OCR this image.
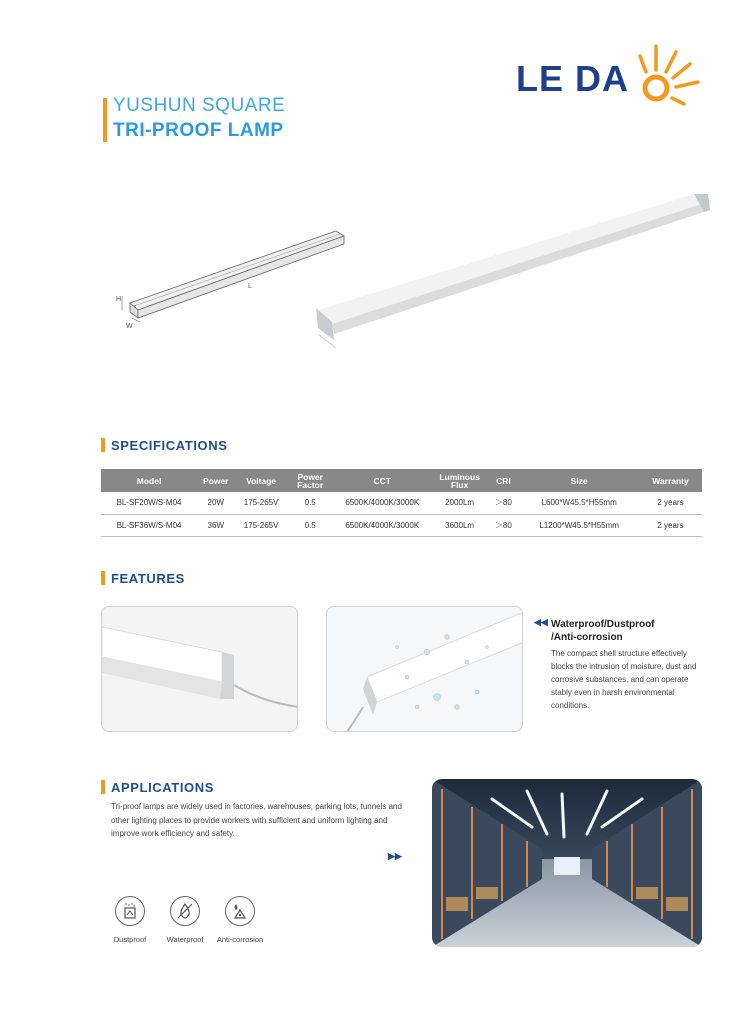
LE DA
YUSHUN SQUARE
TRI-PROOF LAMP
H
W
L
SPECIFICATIONS
Model	Power	Voltage	Power Factor	CCT	Luminous Flux	CRI	Size	Warranty
BL-SF20W/S-M04	20W	175-265V	0.5	6500K/4000K/3000K	2000Lm	＞80	L600*W45.5*H55mm	2 years
BL-SF36W/S-M04	36W	175-265V	0.5	6500K/4000K/3000K	3600Lm	＞80	L1200*W45.5*H55mm	2 years
FEATURES
◀◀ Waterproof/Dustproof
/Anti-corrosion
The compact shell structure effectively blocks the intrusion of moisture, dust and corrosive substances, and can operate stably even in harsh environmental conditions.
APPLICATIONS
Tri-proof lamps are widely used in factories, warehouses, parking lots, tunnels and other lighting places to provide workers with sufficient and uniform lighting and improve work efficiency and safety.
▶▶
Dustproof	Waterproof	Anti-corrosion
